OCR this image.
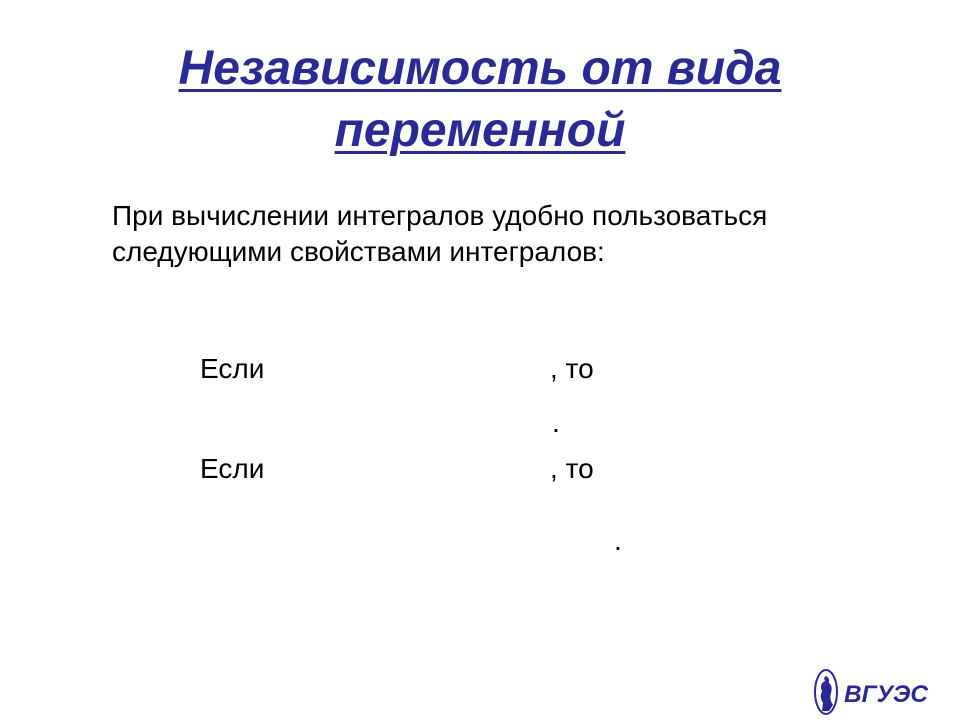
Независимость от вида
переменной
При вычислении интегралов удобно пользоваться следующими свойствами интегралов:
Если	, то
.
Если	, то
.
ВГУЭС
